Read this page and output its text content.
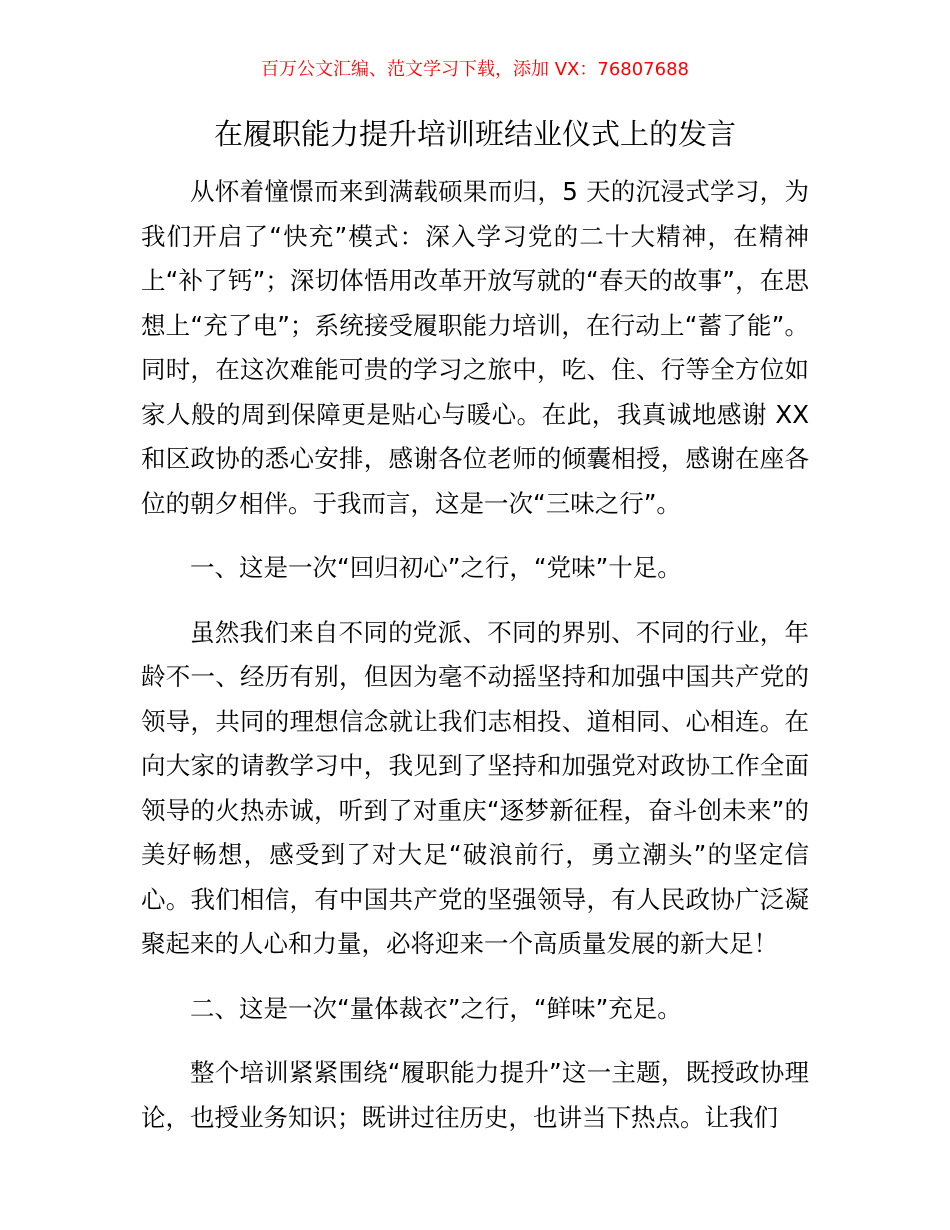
百万公文汇编、范文学习下载，添加 VX：76807688
在履职能力提升培训班结业仪式上的发言

从怀着憧憬而来到满载硕果而归，5 天的沉浸式学习，为我们开启了“快充”模式：深入学习党的二十大精神，在精神上“补了钙”；深切体悟用改革开放写就的“春天的故事”，在思想上“充了电”；系统接受履职能力培训，在行动上“蓄了能”。同时，在这次难能可贵的学习之旅中，吃、住、行等全方位如家人般的周到保障更是贴心与暖心。在此，我真诚地感谢 XX 和区政协的悉心安排，感谢各位老师的倾囊相授，感谢在座各位的朝夕相伴。于我而言，这是一次“三味之行”。

一、这是一次“回归初心”之行，“党味”十足。

虽然我们来自不同的党派、不同的界别、不同的行业，年龄不一、经历有别，但因为毫不动摇坚持和加强中国共产党的领导，共同的理想信念就让我们志相投、道相同、心相连。在向大家的请教学习中，我见到了坚持和加强党对政协工作全面领导的火热赤诚，听到了对重庆“逐梦新征程，奋斗创未来”的美好畅想，感受到了对大足“破浪前行，勇立潮头”的坚定信心。我们相信，有中国共产党的坚强领导，有人民政协广泛凝聚起来的人心和力量，必将迎来一个高质量发展的新大足！

二、这是一次“量体裁衣”之行，“鲜味”充足。

整个培训紧紧围绕“履职能力提升”这一主题，既授政协理论，也授业务知识；既讲过往历史，也讲当下热点。让我们
